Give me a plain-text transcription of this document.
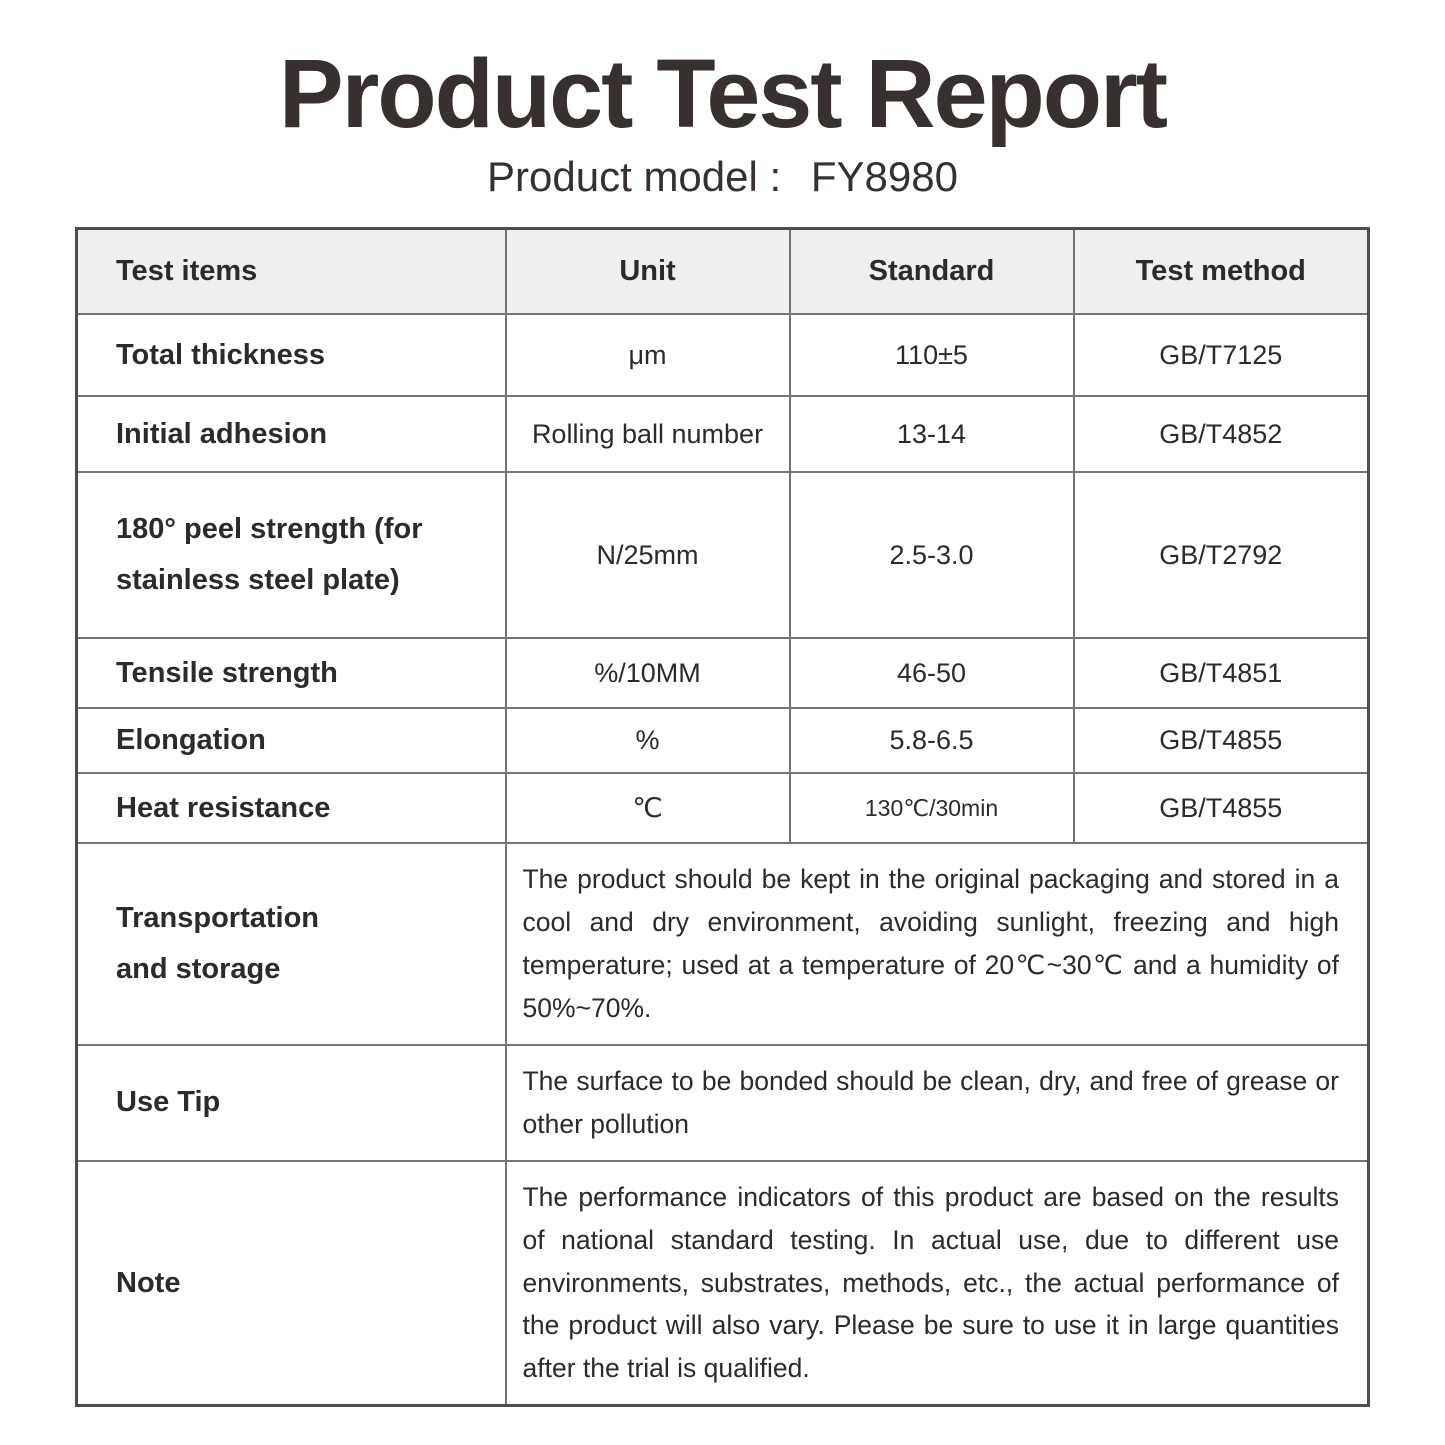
Product Test Report
Product model : FY8980
Test items	Unit	Standard	Test method
Total thickness	μm	110±5	GB/T7125
Initial adhesion	Rolling ball number	13-14	GB/T4852
180° peel strength (for stainless steel plate)	N/25mm	2.5-3.0	GB/T2792
Tensile strength	%/10MM	46-50	GB/T4851
Elongation	%	5.8-6.5	GB/T4855
Heat resistance	℃	130℃/30min	GB/T4855
Transportation and storage	The product should be kept in the original packaging and stored in a cool and dry environment, avoiding sunlight, freezing and high temperature; used at a temperature of 20℃~30℃ and a humidity of 50%~70%.		
Use Tip	The surface to be bonded should be clean, dry, and free of grease or other pollution		
Note	The performance indicators of this product are based on the results of national standard testing. In actual use, due to different use environments, substrates, methods, etc., the actual performance of the product will also vary. Please be sure to use it in large quantities after the trial is qualified.		
